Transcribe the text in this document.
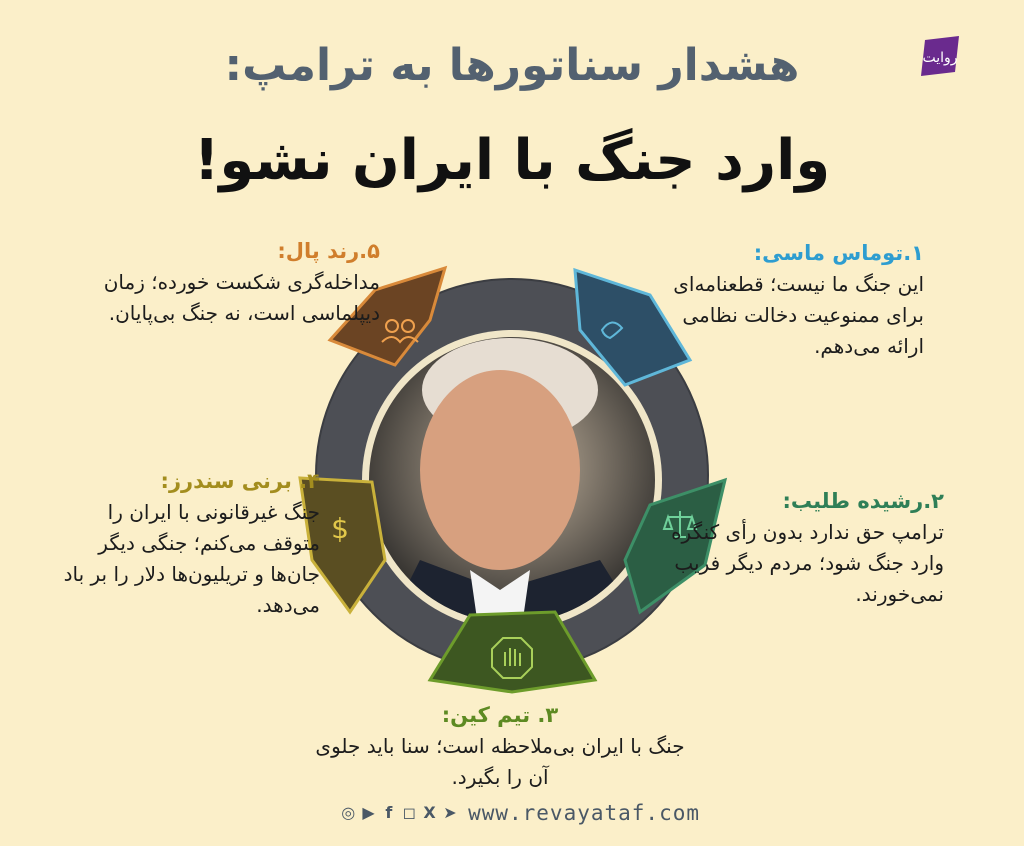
هشدار سناتورها به ترامپ:
وارد جنگ با ایران نشو!
روایت
$
۱.توماس ماسی:
این جنگ ما نیست؛ قطعنامه‌ای برای ممنوعیت دخالت نظامی ارائه می‌دهم.
۲.رشیده طلیب:
ترامپ حق ندارد بدون رأی کنگره وارد جنگ شود؛ مردم دیگر فریب نمی‌خورند.
۳. تیم کین:
جنگ با ایران بی‌ملاحظه است؛ سنا باید جلوی آن را بگیرد.
۴. برنی سندرز:
جنگ غیرقانونی با ایران را متوقف می‌کنم؛ جنگی دیگر جان‌ها و تریلیون‌ها دلار را بر باد می‌دهد.
۵.رند پال:
مداخله‌گری شکست خورده؛ زمان دیپلماسی است، نه جنگ بی‌پایان.
◎ ▶ f ◻ X ➤ www.revayataf.com
